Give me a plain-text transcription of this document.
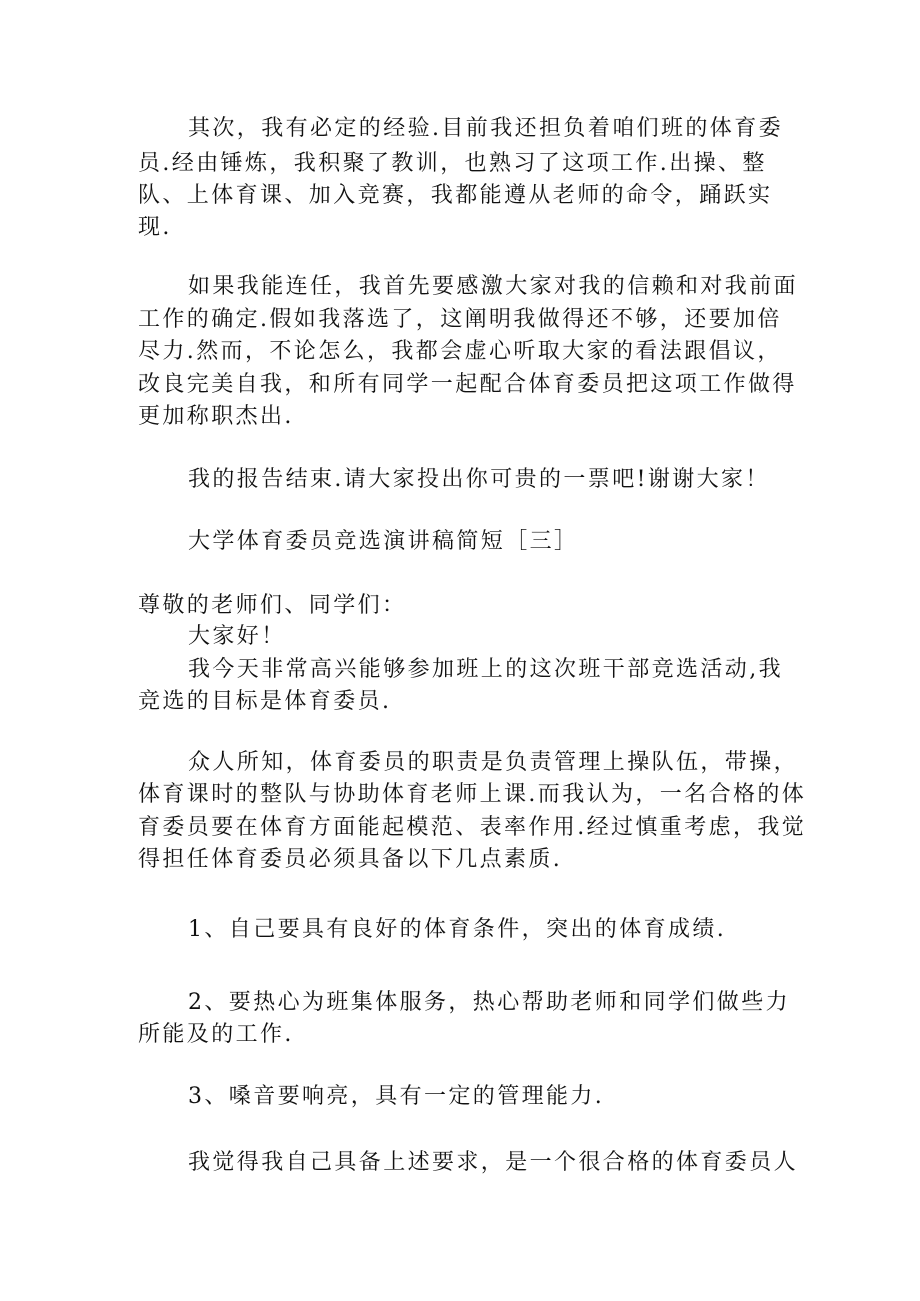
其次，我有必定的经验.目前我还担负着咱们班的体育委
员.经由锤炼，我积聚了教训，也熟习了这项工作.出操、整
队、上体育课、加入竞赛，我都能遵从老师的命令，踊跃实
现.
如果我能连任，我首先要感激大家对我的信赖和对我前面
工作的确定.假如我落选了，这阐明我做得还不够，还要加倍
尽力.然而，不论怎么，我都会虚心听取大家的看法跟倡议，
改良完美自我，和所有同学一起配合体育委员把这项工作做得
更加称职杰出.
我的报告结束.请大家投出你可贵的一票吧!谢谢大家！
大学体育委员竞选演讲稿简短［三］
尊敬的老师们、同学们：
大家好！
我今天非常高兴能够参加班上的这次班干部竞选活动,我
竞选的目标是体育委员.
众人所知，体育委员的职责是负责管理上操队伍，带操，
体育课时的整队与协助体育老师上课.而我认为，一名合格的体
育委员要在体育方面能起模范、表率作用.经过慎重考虑，我觉
得担任体育委员必须具备以下几点素质.
1、自己要具有良好的体育条件，突出的体育成绩.
2、要热心为班集体服务，热心帮助老师和同学们做些力
所能及的工作.
3、嗓音要响亮，具有一定的管理能力.
我觉得我自己具备上述要求，是一个很合格的体育委员人
